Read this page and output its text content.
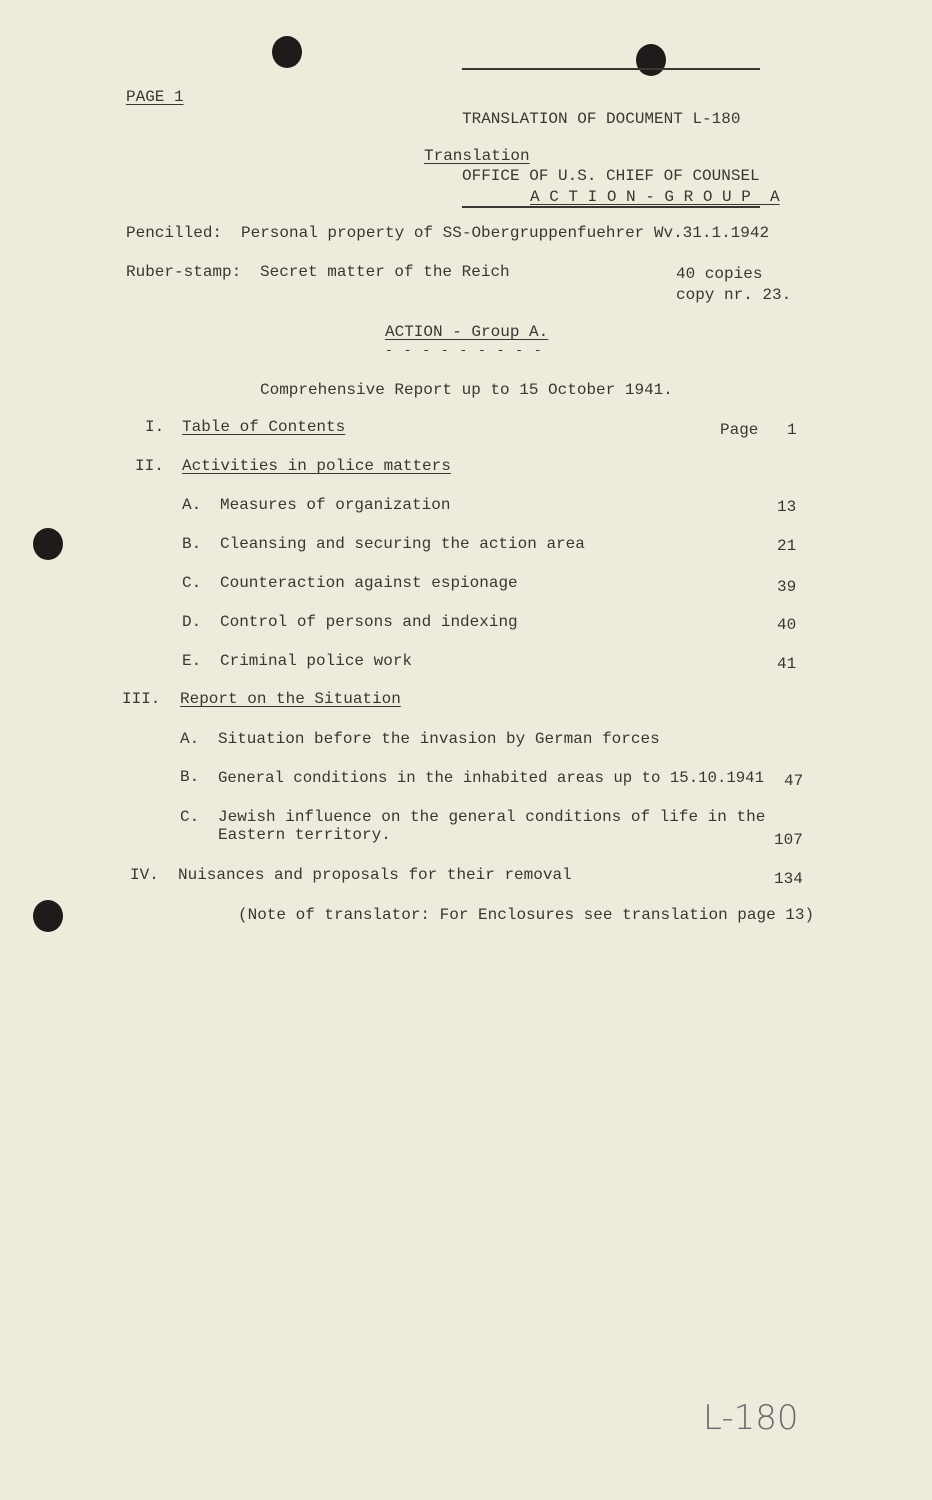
PAGE 1

TRANSLATION OF DOCUMENT L-180

OFFICE OF U.S. CHIEF OF COUNSEL

Translation
A C T I O N - G R O U P  A
Pencilled: Personal property of SS-Obergruppenfuehrer Wv.31.1.1942
Ruber-stamp: Secret matter of the Reich	40 copies
copy nr. 23.
ACTION - Group A.
- - - - - - - - -
Comprehensive Report up to 15 October 1941.
I. Table of Contents	Page 1
II. Activities in police matters
A. Measures of organization	13
B. Cleansing and securing the action area	21
C. Counteraction against espionage	39
D. Control of persons and indexing	40
E. Criminal police work	41
III. Report on the Situation
A. Situation before the invasion by German forces
B. General conditions in the inhabited areas up to 15.10.1941 47
C. Jewish influence on the general conditions of life in the
Eastern territory.	107
IV. Nuisances and proposals for their removal	134
(Note of translator: For Enclosures see translation page 13)
L-180
